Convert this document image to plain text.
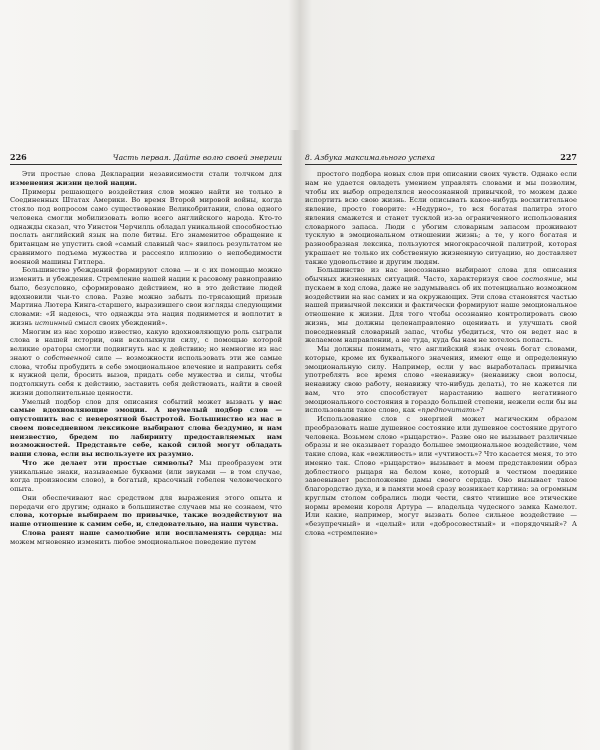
226	Часть первая. Дайте волю своей энергии

Эти простые слова Декларации независимости стали толчком для изменения жизни целой нации.

Примеры решающего воздействия слов можно найти не только в Соединенных Штатах Америки. Во время Второй мировой войны, когда стояло под вопросом само существование Великобритании, слова одного человека смогли мобилизовать волю всего английского народа. Кто-то однажды сказал, что Уинстон Черчилль обладал уникальной способностью послать английский язык на поле битвы. Его знаменитое обращение к британцам не упустить свой «самый славный час» явилось результатом не сравнимого подъема мужества и рассеяло иллюзию о непобедимости военной машины Гитлера.

Большинство убеждений формируют слова — и с их помощью можно изменить и убеждения. Стремление нашей нации к расовому равноправию было, безусловно, сформировано действием, но в это действие людей вдохновили чьи-то слова. Разве можно забыть по-трясающий призыв Мартина Лютера Кинга-старшего, выразившего свои взгляды следующими словами: «Я надеюсь, что однажды эта нация поднимется и воплотит в жизнь истинный смысл своих убеждений».

Многим из нас хорошо известно, какую вдохновляющую роль сыграли слова в нашей истории, они всколыхнули силу, с помощью которой великие ораторы смогли подвигнуть нас к действию; но немногие из нас знают о собственной силе — возможности использовать эти же самые слова, чтобы пробудить в себе эмоциональное влечение и направить себя к нужной цели, бросить вызов, придать себе мужества и силы, чтобы подтолкнуть себя к действию, заставить себя действовать, найти в своей жизни дополнительные ценности.

Умелый подбор слов для описания событий может вызвать у нас самые вдохновляющие эмоции. А неумелый подбор слов — опустошить вас с невероятной быстротой. Большинство из нас в своем повседневном лексиконе выбирают слова бездумно, и нам неизвестно, бредем по лабиринту предоставляемых нам возможностей. Представьте себе, какой силой могут обладать ваши слова, если вы используете их разумно.

Что же делает эти простые символы? Мы преобразуем эти уникальные знаки, называемые буквами (или звуками — в том случае, когда произносим слово), в богатый, красочный гобелен человеческого опыта.

Они обеспечивают нас средством для выражения этого опыта и передачи его другим; однако в большинстве случаев мы не сознаем, что слова, которые выбираем по привычке, также воздействуют на наше отношение к самим себе, и, следовательно, на наши чувства.

Слова ранят наше самолюбие или воспламенять сердца: мы можем мгновенно изменить любое эмоциональное поведение путем

8. Азбука максимального успеха	227

простого подбора новых слов при описании своих чувств. Однако если нам не удается овладеть умением управлять словами и мы позволим, чтобы их выбор определялся неосознанной привычкой, то можем даже испортить всю свою жизнь. Если описывать какое-нибудь восхитительное явление, просто говорите: «Недурно», то вся богатая палитра этого явления смажется и станет тусклой из-за ограниченного использования словарного запаса. Люди с убогим словарным запасом проживают тусклую в эмоциональном отношении жизнь; а те, у кого богатая и разнообразная лексика, пользуются многокрасочной палитрой, которая украшает не только их собственную жизненную ситуацию, но доставляет также удовольствие и другим людям.

Большинство из нас неосознанно выбирают слова для описания обычных жизненных ситуаций. Часто, характеризуя свое состояние, мы пускаем в ход слова, даже не задумываясь об их потенциально возможном воздействии на нас самих и на окружающих. Эти слова становятся частью нашей привычной лексики и фактически формируют наше эмоциональное отношение к жизни. Для того чтобы осознанно контролировать свою жизнь, мы должны целенаправленно оценивать и улучшать свой повседневный словарный запас, чтобы убедиться, что он ведет нас в желаемом направлении, а не туда, куда бы нам не хотелось попасть.

Мы должны понимать, что английский язык очень богат словами, которые, кроме их буквального значения, имеют еще и определенную эмоциональную силу. Например, если у вас выработалась привычка употреблять все время слово «ненавижу» (ненавижу свои волосы, ненавижу свою работу, ненавижу что-нибудь делать), то не кажется ли вам, что это способствует нарастанию вашего негативного эмоционального состояния в гораздо большей степени, нежели если бы вы использовали такое слово, как «предпочитать»?

Использование слов с энергией может магическим образом преобразовать наше душевное состояние или душевное состояние другого человека. Возьмем слово «рыцарство». Разве оно не вызывает различные образы и не оказывает гораздо большее эмоциональное воздействие, чем такие слова, как «вежливость» или «учтивость»? Что касается меня, то это именно так. Слово «рыцарство» вызывает в моем представлении образ доблестного рыцаря на белом коне, который в честном поединке завоевывает расположение дамы своего сердца. Оно вызывает такое благородство духа, и в памяти моей сразу возникает картина: за огромным круглым столом собрались люди чести, свято чтившие все этические нормы времени короля Артура — владельца чудесного замка Камелот. Или какие, например, могут вызвать более сильное воздействие — «безупречный» и «целый» или «добросовестный» и «порядочный»? А слова «стремление»
